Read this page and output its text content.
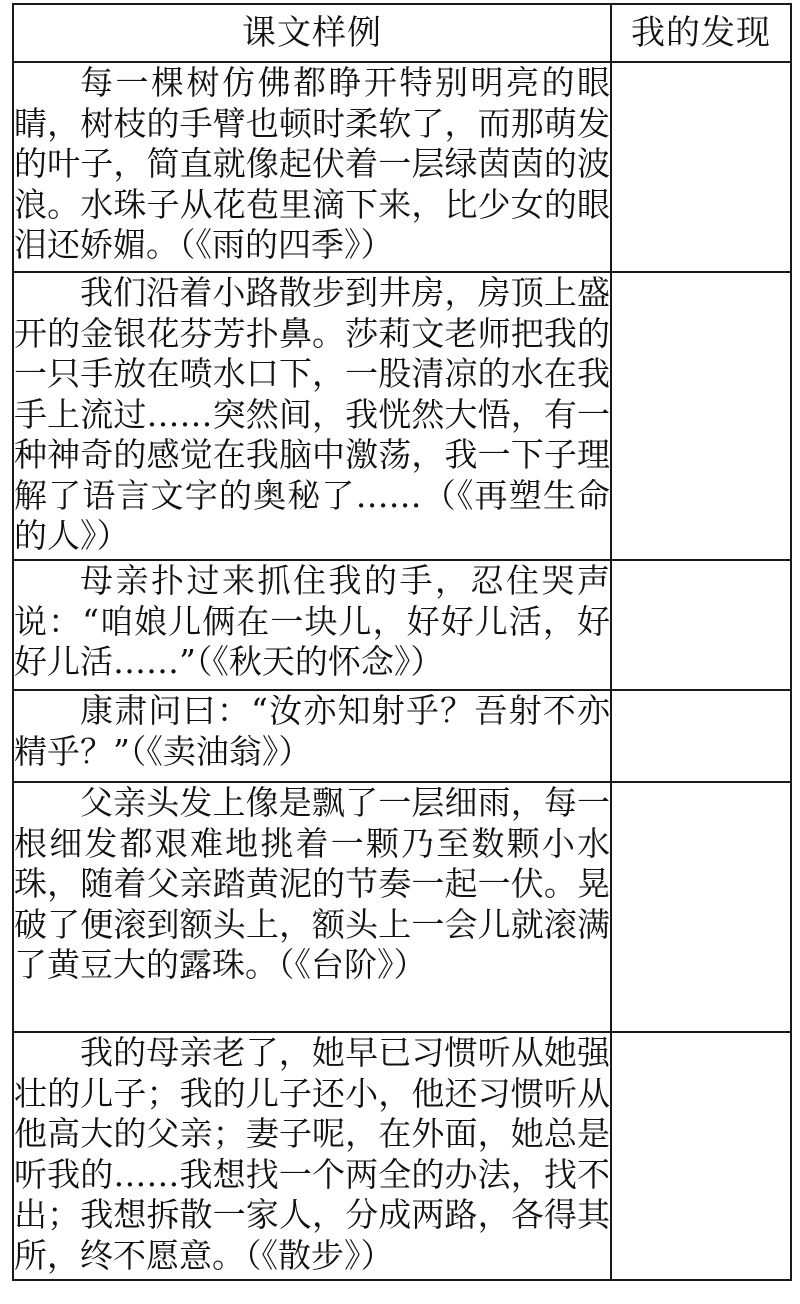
课文样例	我的发现

每一棵树仿佛都睁开特别明亮的眼睛，树枝的手臂也顿时柔软了，而那萌发的叶子，简直就像起伏着一层绿茵茵的波浪。水珠子从花苞里滴下来，比少女的眼泪还娇媚。（《雨的四季》）	

我们沿着小路散步到井房，房顶上盛开的金银花芬芳扑鼻。莎莉文老师把我的一只手放在喷水口下，一股清凉的水在我手上流过……突然间，我恍然大悟，有一种神奇的感觉在我脑中激荡，我一下子理解了语言文字的奥秘了……（《再塑生命的人》）	

母亲扑过来抓住我的手，忍住哭声说：“咱娘儿俩在一块儿，好好儿活，好好儿活……”（《秋天的怀念》）	

康肃问曰：“汝亦知射乎？吾射不亦精乎？”（《卖油翁》）	

父亲头发上像是飘了一层细雨，每一根细发都艰难地挑着一颗乃至数颗小水珠，随着父亲踏黄泥的节奏一起一伏。晃破了便滚到额头上，额头上一会儿就滚满了黄豆大的露珠。（《台阶》）	

我的母亲老了，她早已习惯听从她强壮的儿子；我的儿子还小，他还习惯听从他高大的父亲；妻子呢，在外面，她总是听我的……我想找一个两全的办法，找不出；我想拆散一家人，分成两路，各得其所，终不愿意。（《散步》）	
